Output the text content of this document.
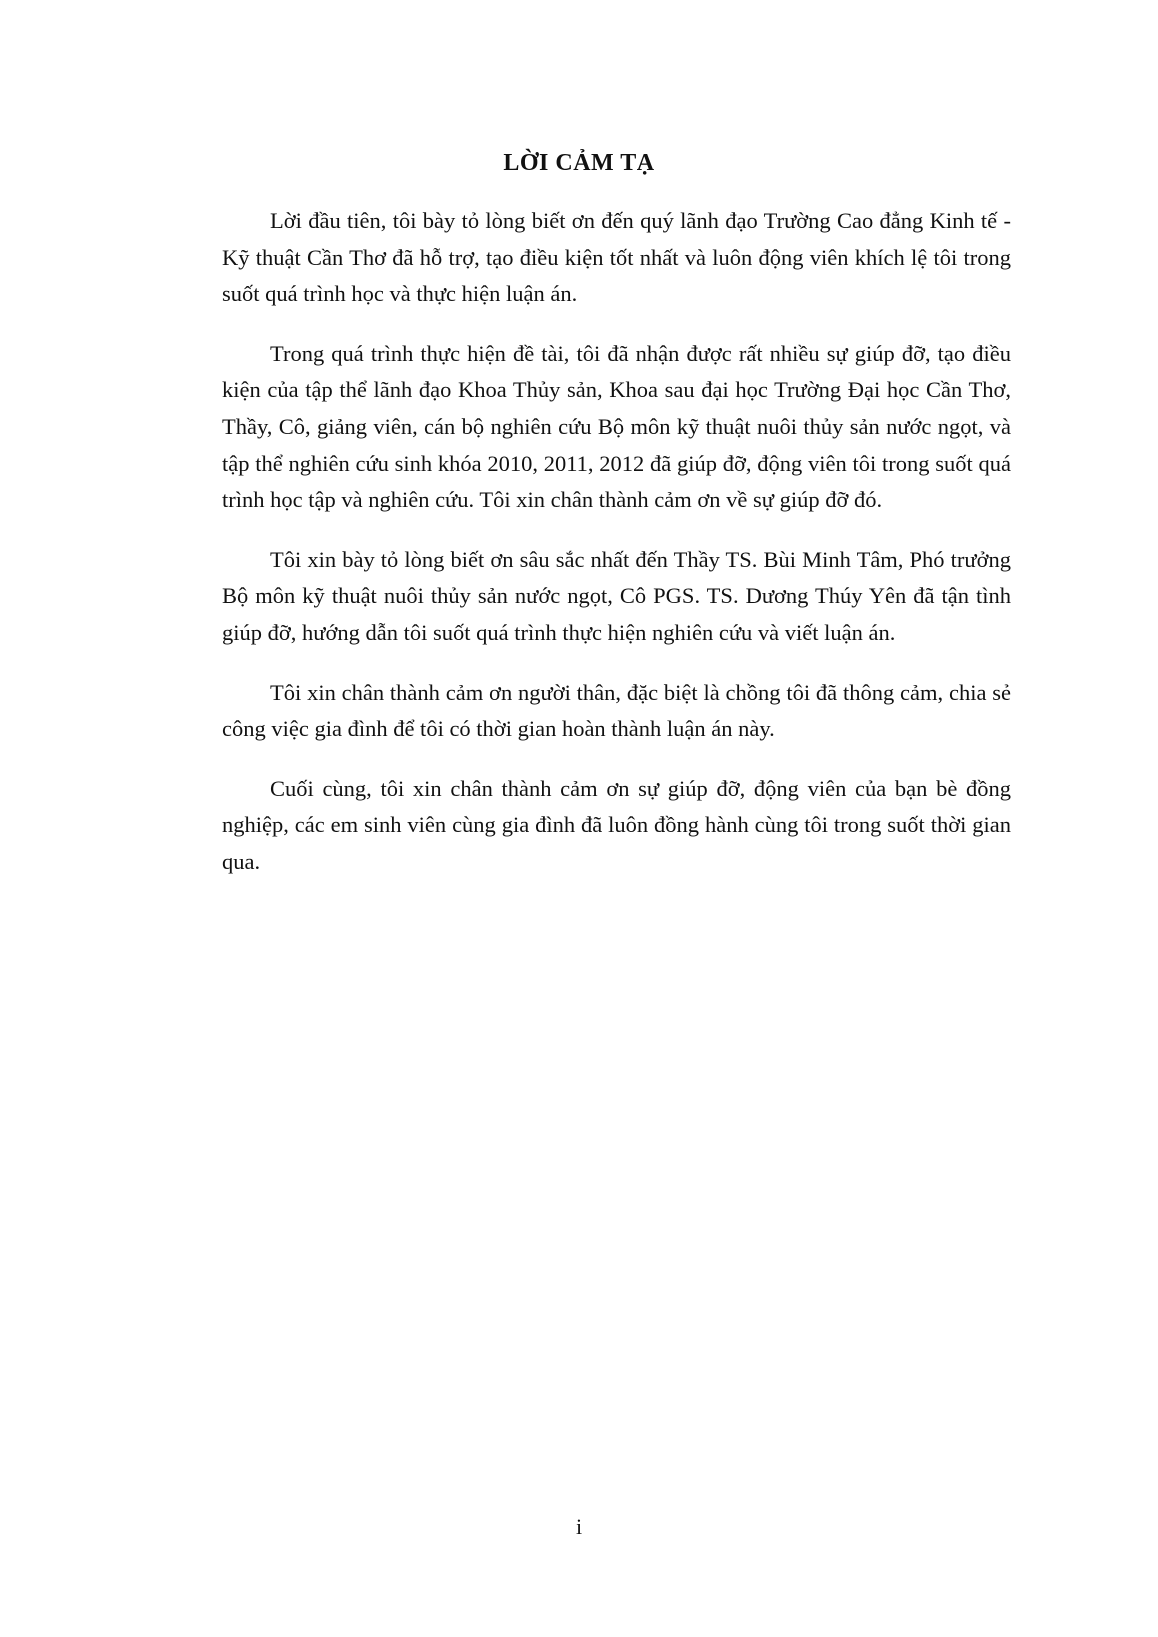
LỜI CẢM TẠ

Lời đầu tiên, tôi bày tỏ lòng biết ơn đến quý lãnh đạo Trường Cao đẳng Kinh tế -Kỹ thuật Cần Thơ đã hỗ trợ, tạo điều kiện tốt nhất và luôn động viên khích lệ tôi trong suốt quá trình học và thực hiện luận án.

Trong quá trình thực hiện đề tài, tôi đã nhận được rất nhiều sự giúp đỡ, tạo điều kiện của tập thể lãnh đạo Khoa Thủy sản, Khoa sau đại học Trường Đại học Cần Thơ, Thầy, Cô, giảng viên, cán bộ nghiên cứu Bộ môn kỹ thuật nuôi thủy sản nước ngọt, và tập thể nghiên cứu sinh khóa 2010, 2011, 2012 đã giúp đỡ, động viên tôi trong suốt quá trình học tập và nghiên cứu. Tôi xin chân thành cảm ơn về sự giúp đỡ đó.

Tôi xin bày tỏ lòng biết ơn sâu sắc nhất đến Thầy TS. Bùi Minh Tâm, Phó trưởng Bộ môn kỹ thuật nuôi thủy sản nước ngọt, Cô PGS. TS. Dương Thúy Yên đã tận tình giúp đỡ, hướng dẫn tôi suốt quá trình thực hiện nghiên cứu và viết luận án.

Tôi xin chân thành cảm ơn người thân, đặc biệt là chồng tôi đã thông cảm, chia sẻ công việc gia đình để tôi có thời gian hoàn thành luận án này.

Cuối cùng, tôi xin chân thành cảm ơn sự giúp đỡ, động viên của bạn bè đồng nghiệp, các em sinh viên cùng gia đình đã luôn đồng hành cùng tôi trong suốt thời gian qua.

i
